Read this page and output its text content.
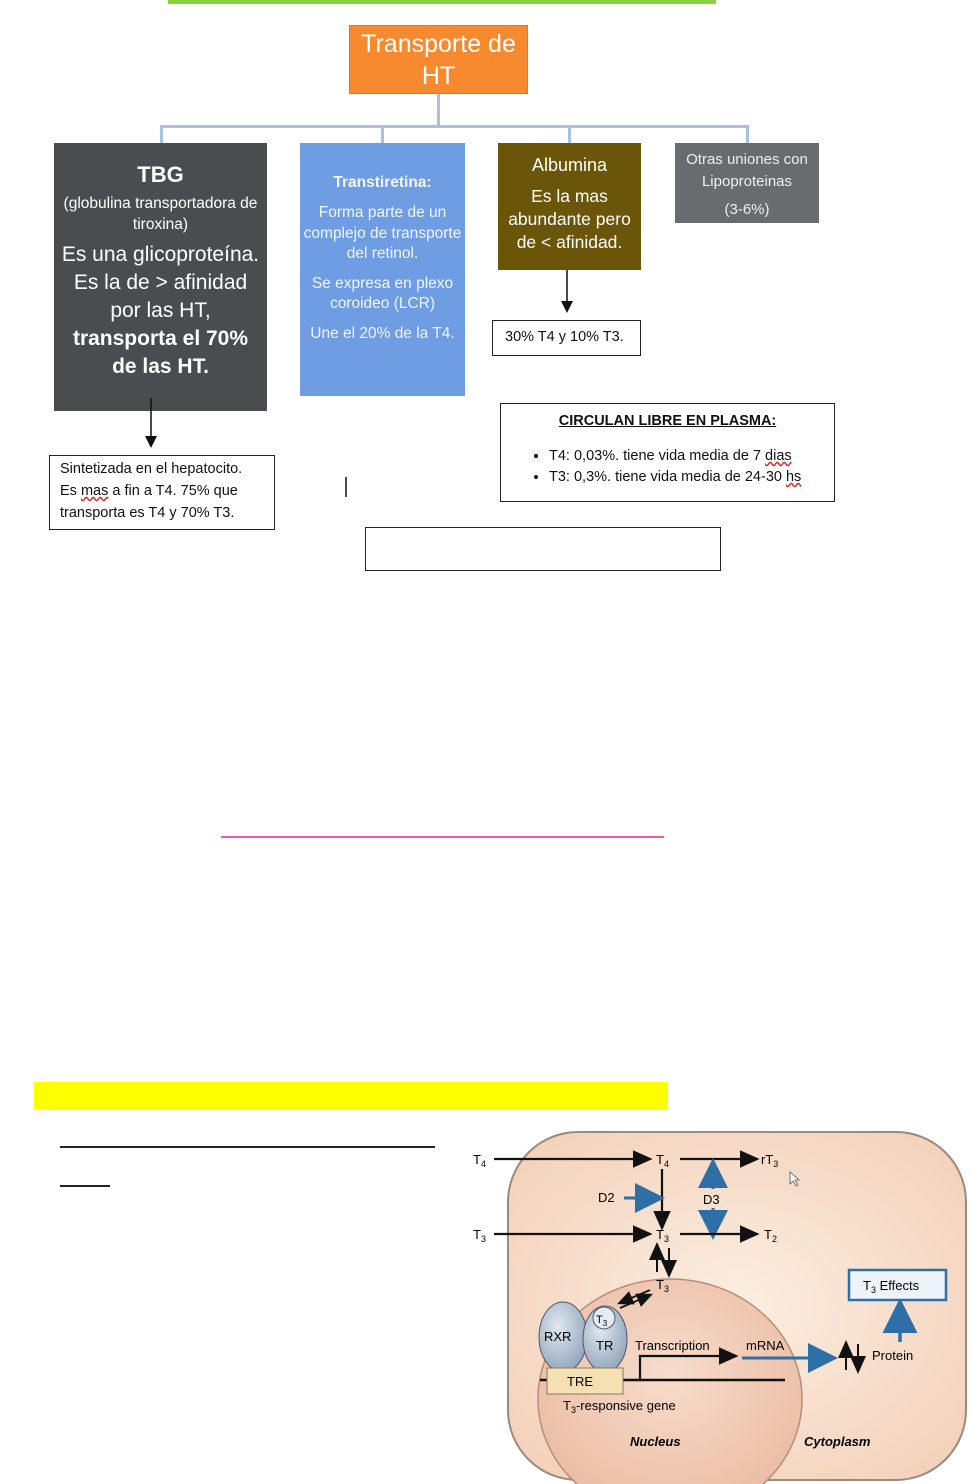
Transporte de
HT
TBG
(globulina transportadora de tiroxina)
Es una glicoproteína. Es la de > afinidad por las HT, transporta el 70% de las HT.
Transtiretina:

Forma parte de un complejo de transporte del retinol.

Se expresa en plexo coroideo (LCR)

Une el 20% de la T4.

Albumina
Es la mas abundante pero de < afinidad.
Otras uniones con
Lipoproteinas
(3-6%)
30% T4 y 10% T3.
Sintetizada en el hepatocito.
Es mas a fin a T4. 75% que
transporta es T4 y 70% T3.
CIRCULAN LIBRE EN PLASMA:
• T4: 0,03%. tiene vida media de 7 dias
• T3: 0,3%. tiene vida media de 24-30 hs
$T_4$	$T_4$	$rT_3$
D2	D3
$T_3$	$T_3$	$T_2$
$T_3$
RXR
TR
$T_3$
TRE
Transcription	mRNA
Protein
$T_3$ Effects
$T_3$-responsive gene
Nucleus	Cytoplasm
